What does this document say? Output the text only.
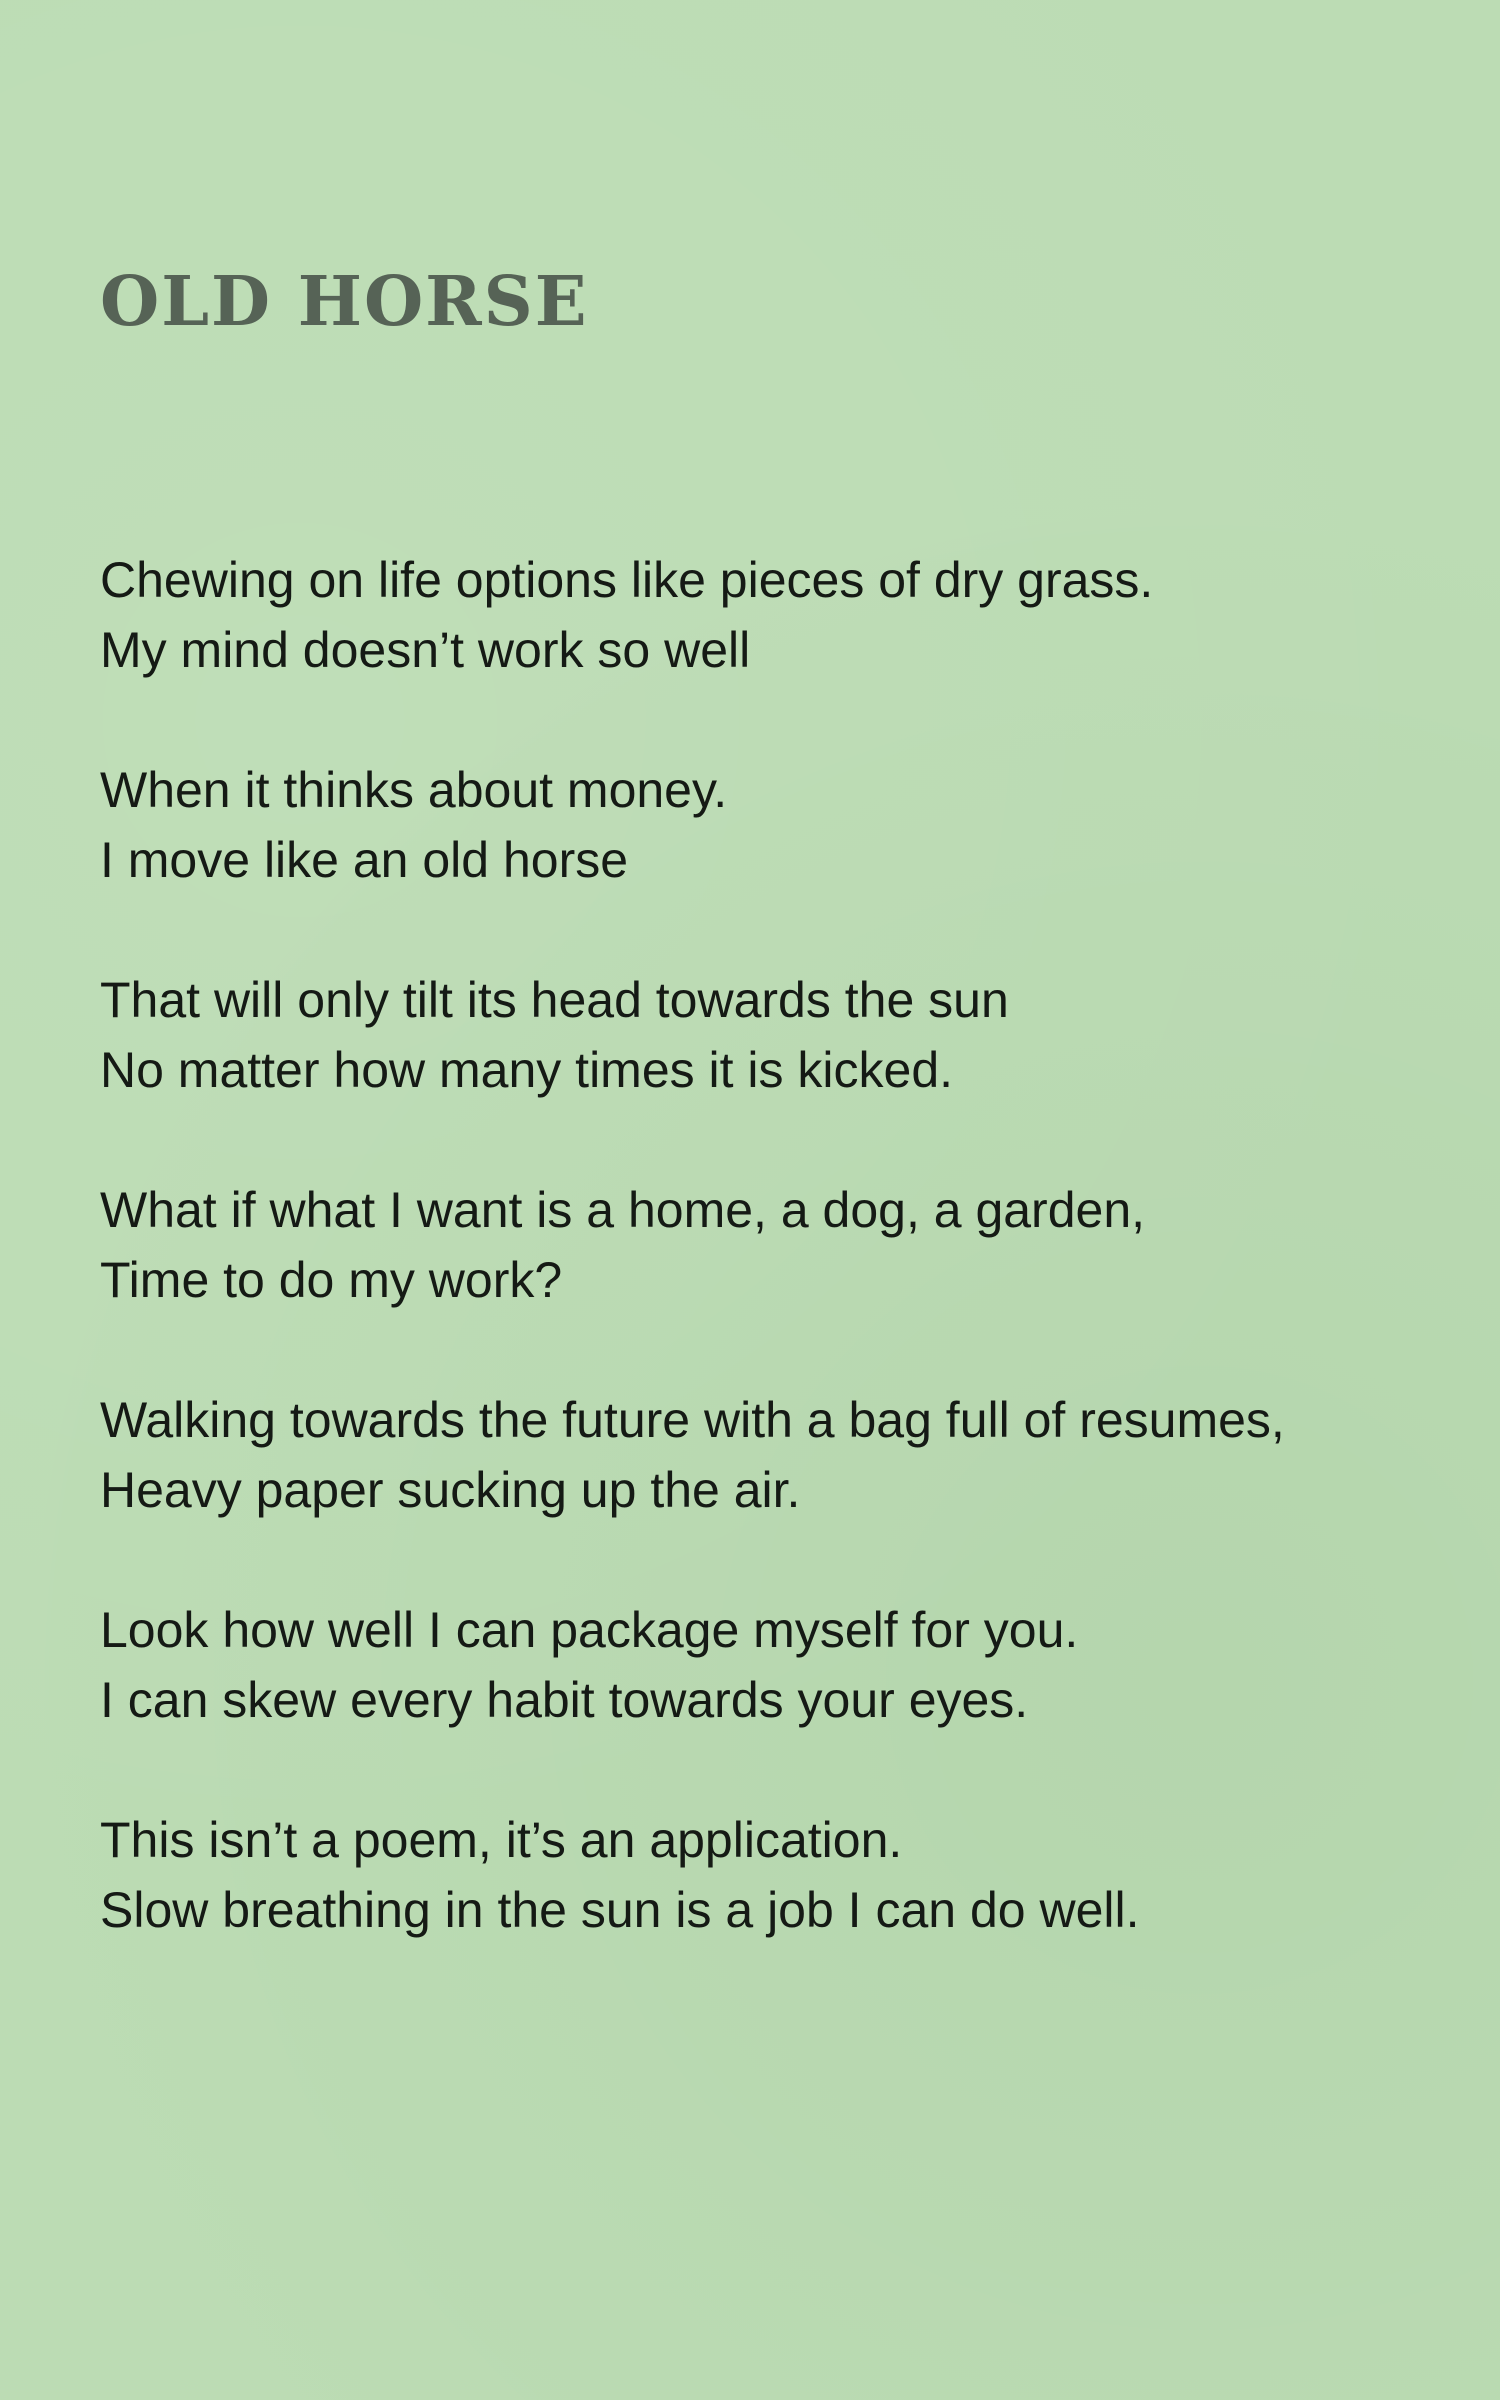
OLD HORSE
Chewing on life options like pieces of dry grass.
My mind doesn’t work so well
When it thinks about money.
I move like an old horse
That will only tilt its head towards the sun
No matter how many times it is kicked.
What if what I want is a home, a dog, a garden,
Time to do my work?
Walking towards the future with a bag full of resumes,
Heavy paper sucking up the air.
Look how well I can package myself for you.
I can skew every habit towards your eyes.
This isn’t a poem, it’s an application.
Slow breathing in the sun is a job I can do well.
